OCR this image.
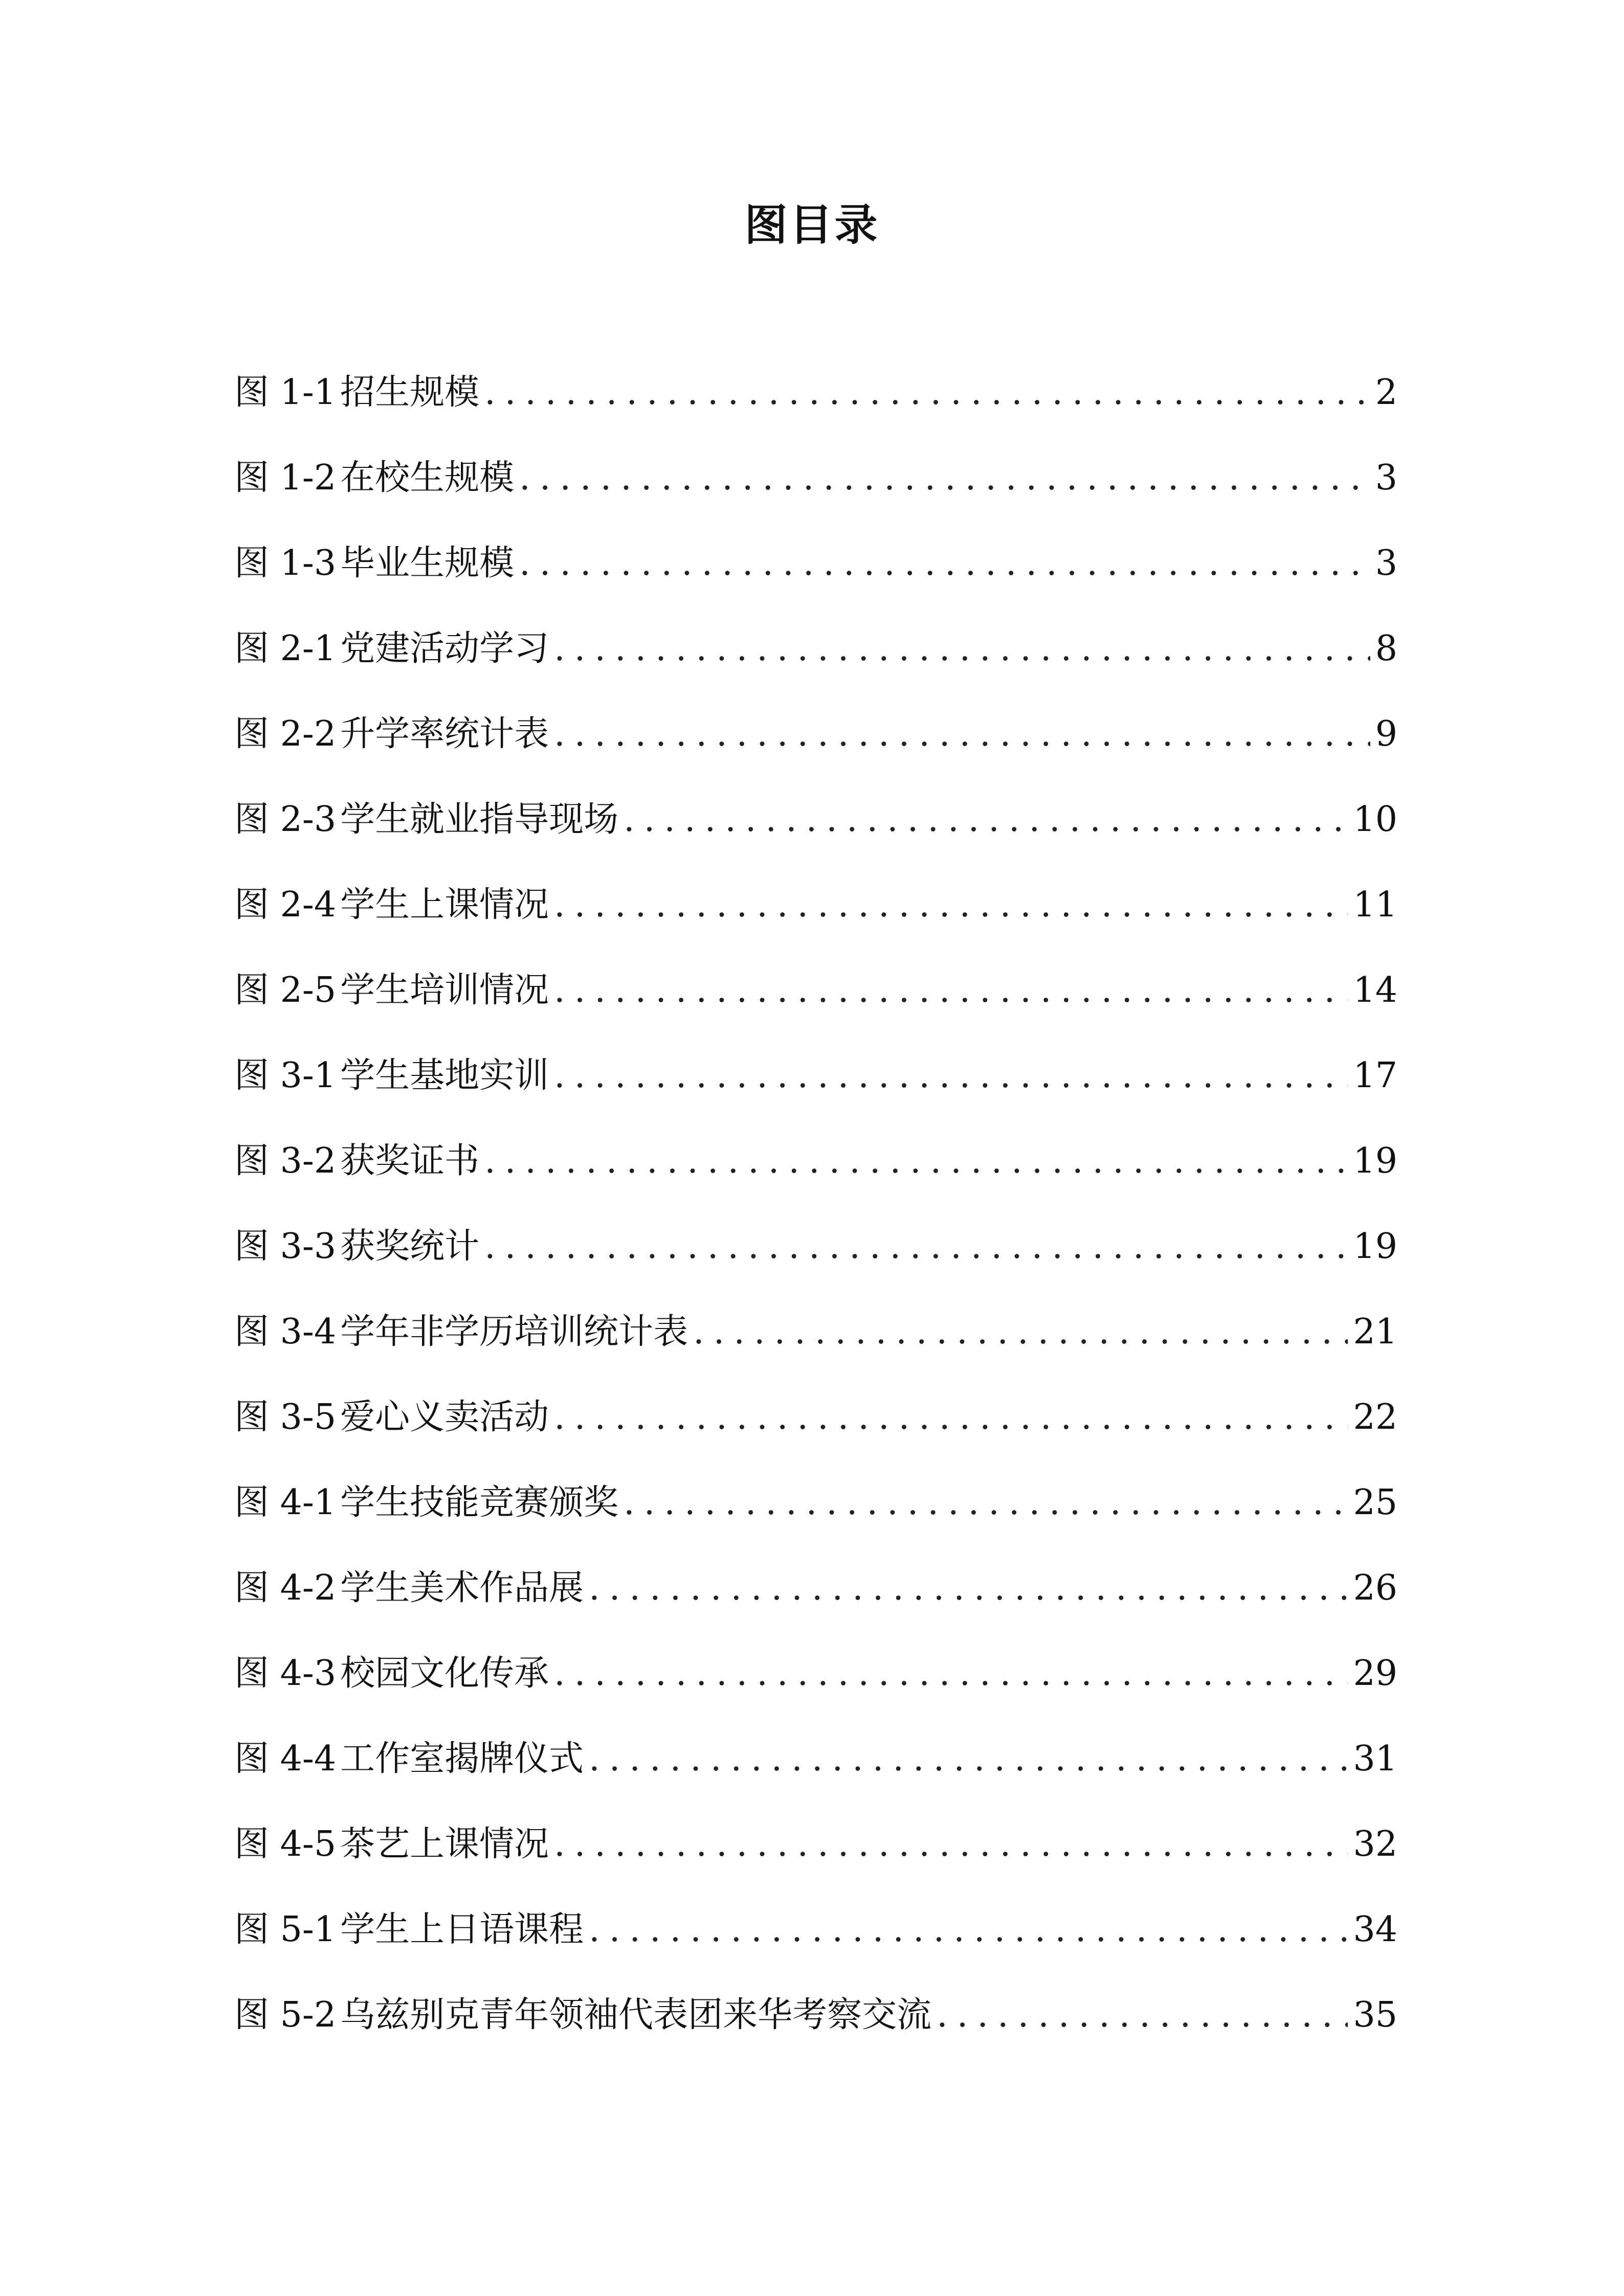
图目录
图 1-1 招生规模 .....	2
图 1-2 在校生规模 .....	3
图 1-3 毕业生规模 .....	3
图 2-1 党建活动学习 .....	8
图 2-2 升学率统计表 .....	9
图 2-3 学生就业指导现场 .....	10
图 2-4 学生上课情况 .....	11
图 2-5 学生培训情况 .....	14
图 3-1 学生基地实训 .....	17
图 3-2 获奖证书 .....	19
图 3-3 获奖统计 .....	19
图 3-4 学年非学历培训统计表 .....	21
图 3-5 爱心义卖活动 .....	22
图 4-1 学生技能竞赛颁奖 .....	25
图 4-2 学生美术作品展 .....	26
图 4-3 校园文化传承 .....	29
图 4-4 工作室揭牌仪式 .....	31
图 4-5 茶艺上课情况 .....	32
图 5-1 学生上日语课程 .....	34
图 5-2 乌兹别克青年领袖代表团来华考察交流 .....	35
